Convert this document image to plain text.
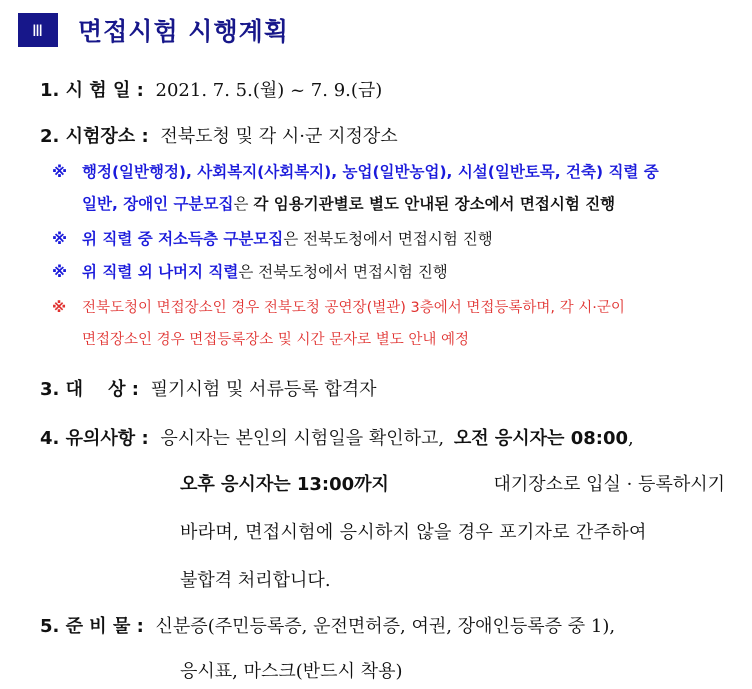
Ⅲ	면접시험 시행계획
1. 시 험 일 : 2021. 7. 5.(월) ~ 7. 9.(금)
2. 시험장소 : 전북도청 및 각 시·군 지정장소
※ 행정(일반행정), 사회복지(사회복지), 농업(일반농업), 시설(일반토목, 건축) 직렬 중
일반, 장애인 구분모집은 각 임용기관별로 별도 안내된 장소에서 면접시험 진행
※ 위 직렬 중 저소득층 구분모집은 전북도청에서 면접시험 진행
※ 위 직렬 외 나머지 직렬은 전북도청에서 면접시험 진행
※ 전북도청이 면접장소인 경우 전북도청 공연장(별관) 3층에서 면접등록하며, 각 시·군이
면접장소인 경우 면접등록장소 및 시간 문자로 별도 안내 예정
3. 대    상 : 필기시험 및 서류등록 합격자
4. 유의사항 : 응시자는 본인의 시험일을 확인하고, 오전 응시자는 08:00,
오후 응시자는 13:00까지	대기장소로 입실 · 등록하시기
바라며, 면접시험에 응시하지 않을 경우 포기자로 간주하여
불합격 처리합니다.
5. 준 비 물 : 신분증(주민등록증, 운전면허증, 여권, 장애인등록증 중 1),
응시표, 마스크(반드시 착용)
